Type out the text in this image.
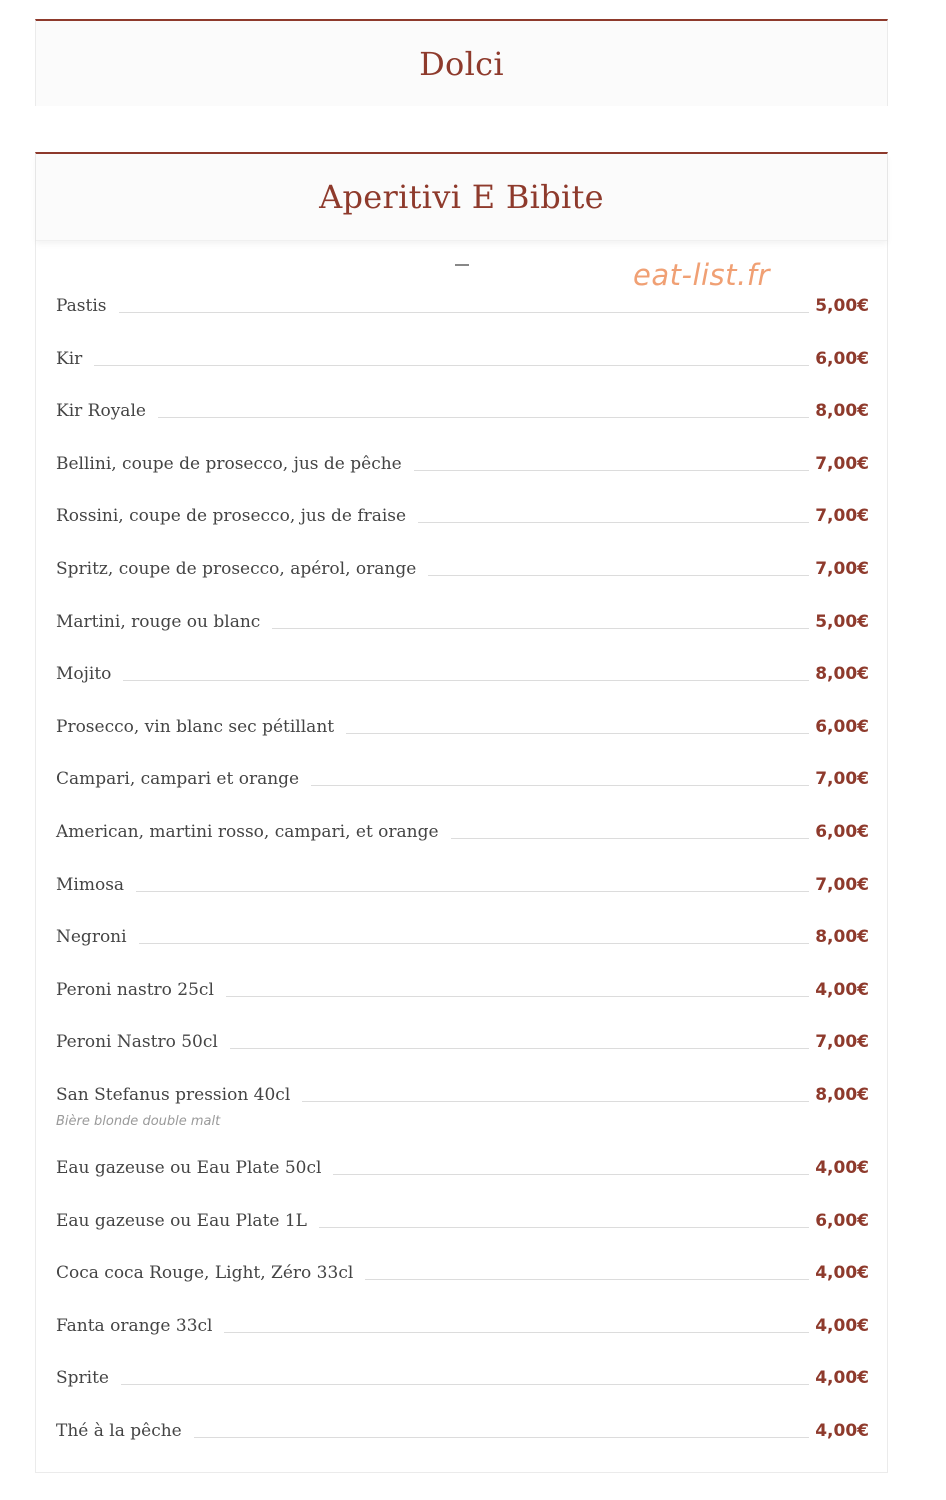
Dolci
Aperitivi E Bibite
eat-list.fr
Pastis	5,00€
Kir	6,00€
Kir Royale	8,00€
Bellini, coupe de prosecco, jus de pêche	7,00€
Rossini, coupe de prosecco, jus de fraise	7,00€
Spritz, coupe de prosecco, apérol, orange	7,00€
Martini, rouge ou blanc	5,00€
Mojito	8,00€
Prosecco, vin blanc sec pétillant	6,00€
Campari, campari et orange	7,00€
American, martini rosso, campari, et orange	6,00€
Mimosa	7,00€
Negroni	8,00€
Peroni nastro 25cl	4,00€
Peroni Nastro 50cl	7,00€
San Stefanus pression 40cl	8,00€
Bière blonde double malt
Eau gazeuse ou Eau Plate 50cl	4,00€
Eau gazeuse ou Eau Plate 1L	6,00€
Coca coca Rouge, Light, Zéro 33cl	4,00€
Fanta orange 33cl	4,00€
Sprite	4,00€
Thé à la pêche	4,00€
